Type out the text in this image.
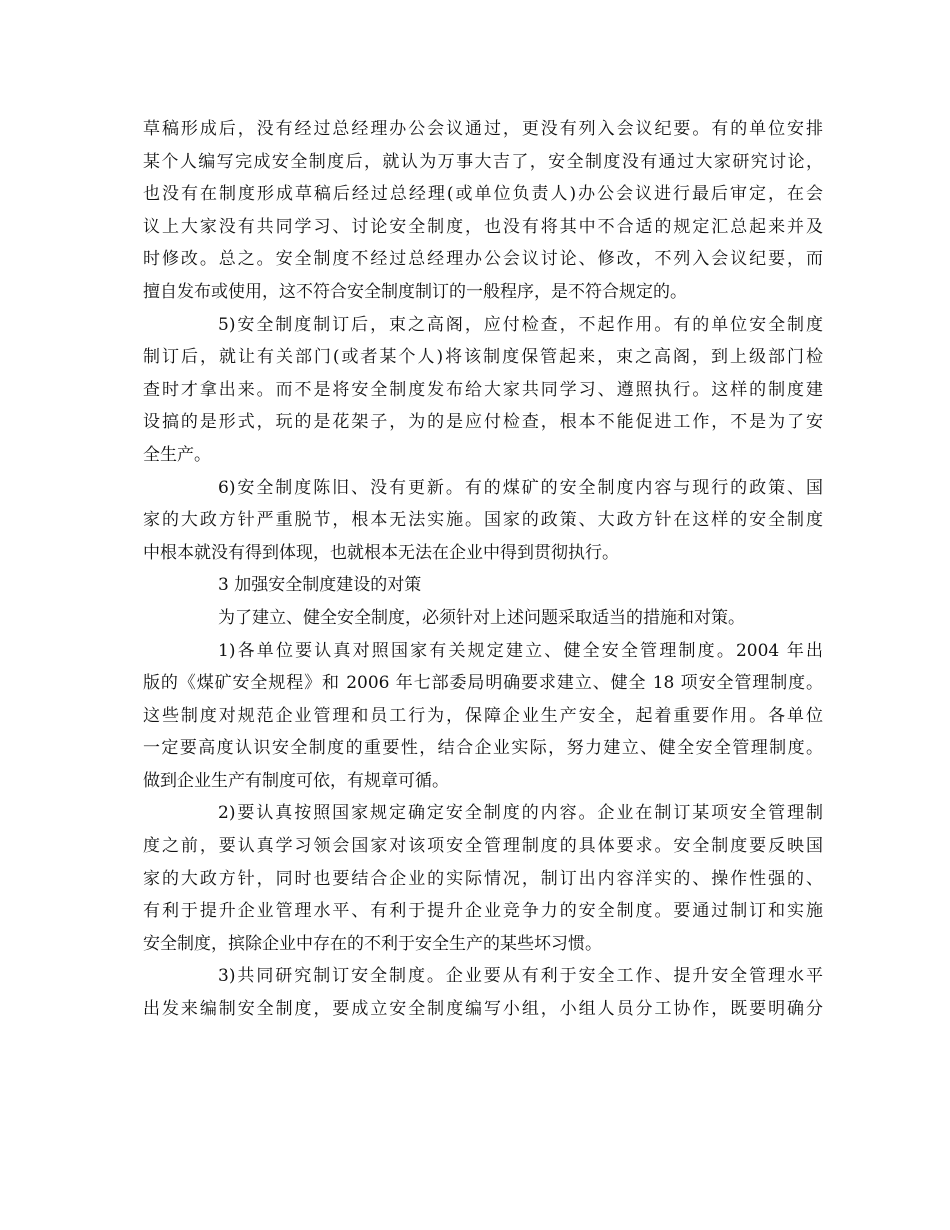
草稿形成后，没有经过总经理办公会议通过，更没有列入会议纪要。有的单位安排
某个人编写完成安全制度后，就认为万事大吉了，安全制度没有通过大家研究讨论，
也没有在制度形成草稿后经过总经理(或单位负责人)办公会议进行最后审定，在会
议上大家没有共同学习、讨论安全制度，也没有将其中不合适的规定汇总起来并及
时修改。总之。安全制度不经过总经理办公会议讨论、修改，不列入会议纪要，而
擅自发布或使用，这不符合安全制度制订的一般程序，是不符合规定的。
5)安全制度制订后，束之高阁，应付检查，不起作用。有的单位安全制度
制订后，就让有关部门(或者某个人)将该制度保管起来，束之高阁，到上级部门检
查时才拿出来。而不是将安全制度发布给大家共同学习、遵照执行。这样的制度建
设搞的是形式，玩的是花架子，为的是应付检查，根本不能促进工作，不是为了安
全生产。
6)安全制度陈旧、没有更新。有的煤矿的安全制度内容与现行的政策、国
家的大政方针严重脱节，根本无法实施。国家的政策、大政方针在这样的安全制度
中根本就没有得到体现，也就根本无法在企业中得到贯彻执行。
3 加强安全制度建设的对策
为了建立、健全安全制度，必须针对上述问题采取适当的措施和对策。
1)各单位要认真对照国家有关规定建立、健全安全管理制度。2004 年出
版的《煤矿安全规程》和 2006 年七部委局明确要求建立、健全 18 项安全管理制度。
这些制度对规范企业管理和员工行为，保障企业生产安全，起着重要作用。各单位
一定要高度认识安全制度的重要性，结合企业实际，努力建立、健全安全管理制度。
做到企业生产有制度可依，有规章可循。
2)要认真按照国家规定确定安全制度的内容。企业在制订某项安全管理制
度之前，要认真学习领会国家对该项安全管理制度的具体要求。安全制度要反映国
家的大政方针，同时也要结合企业的实际情况，制订出内容洋实的、操作性强的、
有利于提升企业管理水平、有利于提升企业竞争力的安全制度。要通过制订和实施
安全制度，摈除企业中存在的不利于安全生产的某些坏习惯。
3)共同研究制订安全制度。企业要从有利于安全工作、提升安全管理水平
出发来编制安全制度，要成立安全制度编写小组，小组人员分工协作，既要明确分
